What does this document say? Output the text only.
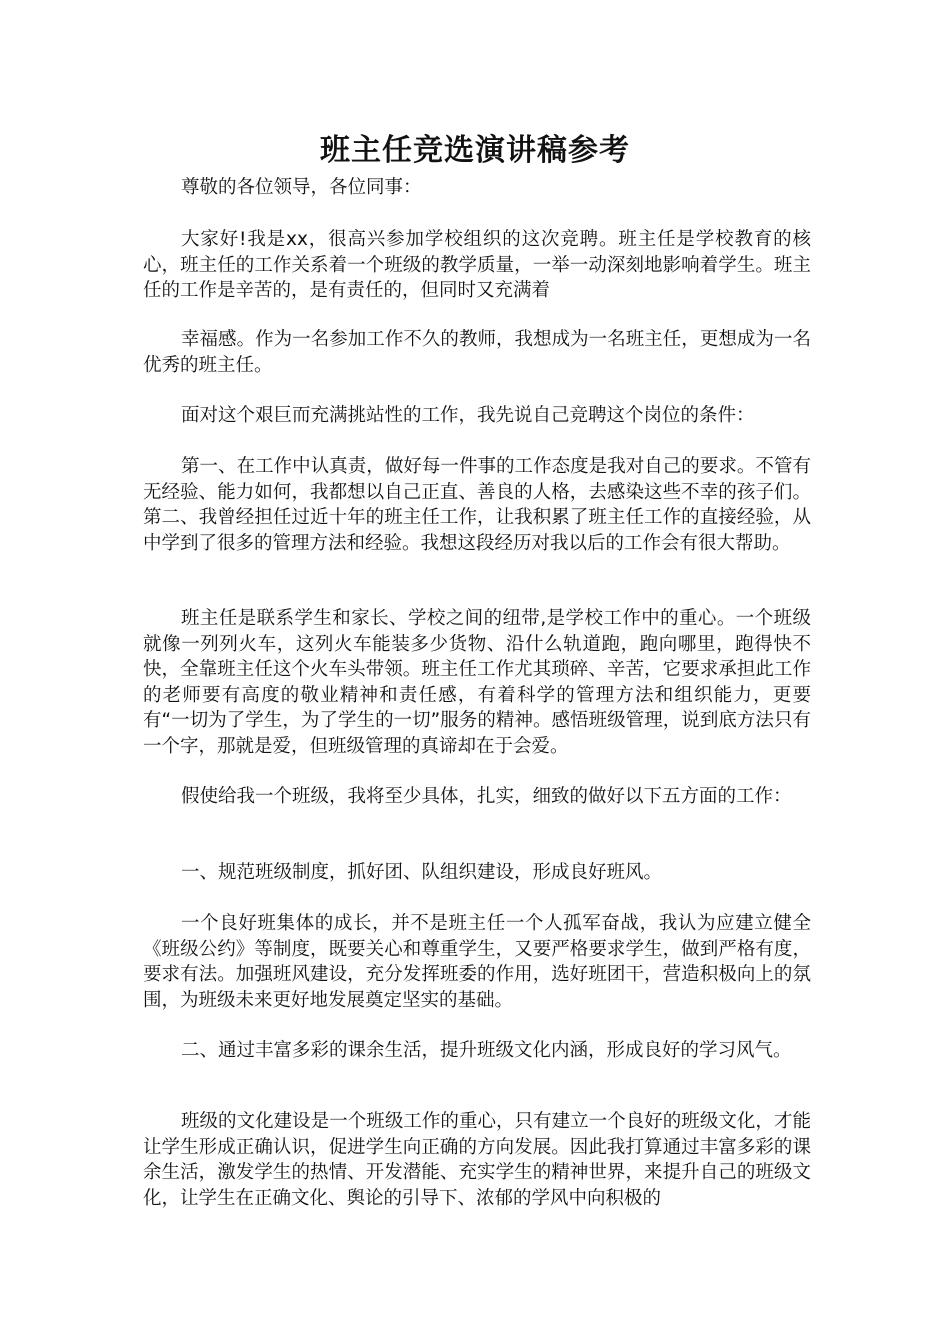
班主任竞选演讲稿参考

尊敬的各位领导，各位同事：

大家好!我是xx，很高兴参加学校组织的这次竞聘。班主任是学校教育的核心，班主任的工作关系着一个班级的教学质量，一举一动深刻地影响着学生。班主任的工作是辛苦的，是有责任的，但同时又充满着

幸福感。作为一名参加工作不久的教师，我想成为一名班主任，更想成为一名优秀的班主任。

面对这个艰巨而充满挑站性的工作，我先说自己竞聘这个岗位的条件：

第一、在工作中认真责，做好每一件事的工作态度是我对自己的要求。不管有无经验、能力如何，我都想以自己正直、善良的人格，去感染这些不幸的孩子们。第二、我曾经担任过近十年的班主任工作，让我积累了班主任工作的直接经验，从中学到了很多的管理方法和经验。我想这段经历对我以后的工作会有很大帮助。

班主任是联系学生和家长、学校之间的纽带,是学校工作中的重心。一个班级就像一列列火车，这列火车能装多少货物、沿什么轨道跑，跑向哪里，跑得快不快，全靠班主任这个火车头带领。班主任工作尤其琐碎、辛苦，它要求承担此工作的老师要有高度的敬业精神和责任感，有着科学的管理方法和组织能力，更要有“一切为了学生，为了学生的一切”服务的精神。感悟班级管理，说到底方法只有一个字，那就是爱，但班级管理的真谛却在于会爱。

假使给我一个班级，我将至少具体，扎实，细致的做好以下五方面的工作：

一、规范班级制度，抓好团、队组织建设，形成良好班风。

一个良好班集体的成长，并不是班主任一个人孤军奋战，我认为应建立健全《班级公约》等制度，既要关心和尊重学生，又要严格要求学生，做到严格有度，要求有法。加强班风建设，充分发挥班委的作用，选好班团干，营造积极向上的氛围，为班级未来更好地发展奠定坚实的基础。

二、通过丰富多彩的课余生活，提升班级文化内涵，形成良好的学习风气。

班级的文化建设是一个班级工作的重心，只有建立一个良好的班级文化，才能让学生形成正确认识，促进学生向正确的方向发展。因此我打算通过丰富多彩的课余生活，激发学生的热情、开发潜能、充实学生的精神世界，来提升自己的班级文化，让学生在正确文化、舆论的引导下、浓郁的学风中向积极的
